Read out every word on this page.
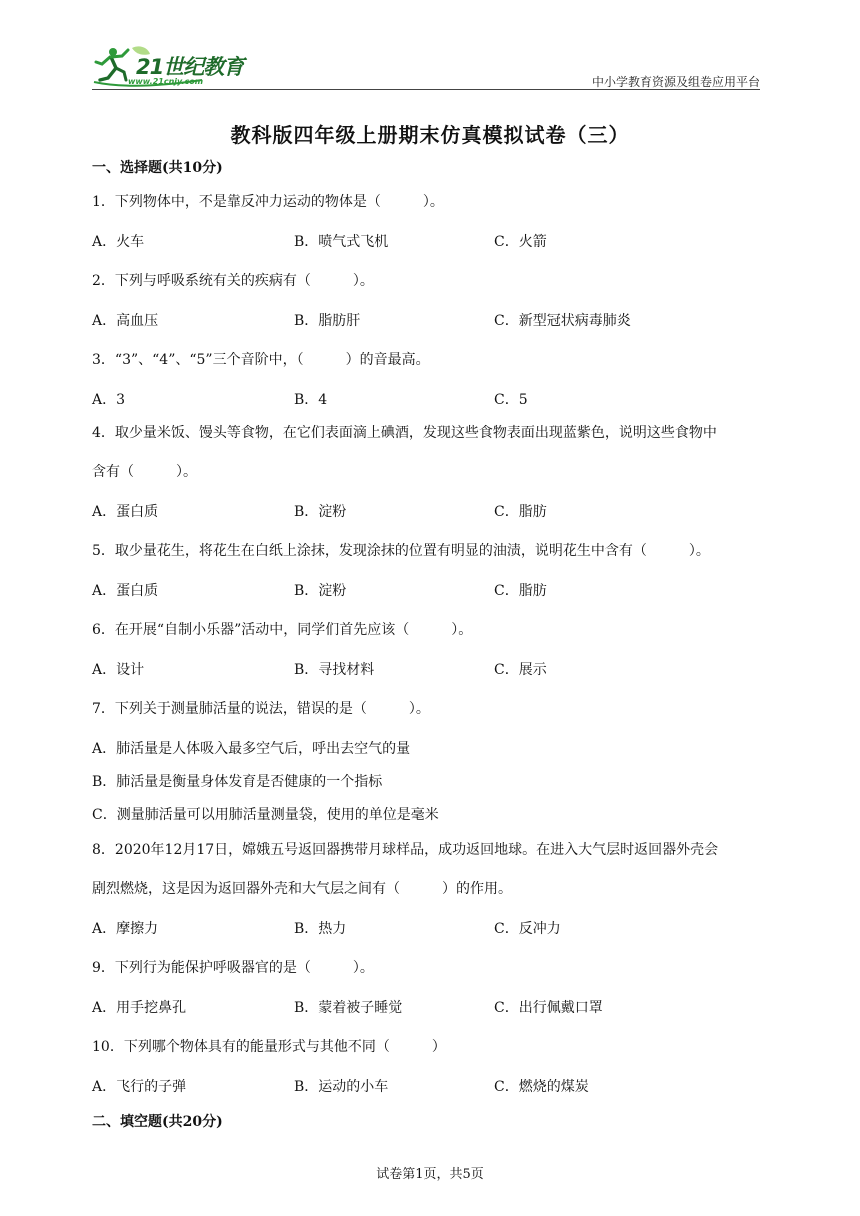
21世纪教育
www.21cnjy.com	中小学教育资源及组卷应用平台
教科版四年级上册期末仿真模拟试卷（三）
一、选择题(共10分)
1．下列物体中，不是靠反冲力运动的物体是（　　　）。
A．火车	B．喷气式飞机	C．火箭
2．下列与呼吸系统有关的疾病有（　　　）。
A．高血压	B．脂肪肝	C．新型冠状病毒肺炎
3．“3”、“4”、“5”三个音阶中，（　　　）的音最高。
A．3	B．4	C．5
4．取少量米饭、馒头等食物，在它们表面滴上碘酒，发现这些食物表面出现蓝紫色，说明这些食物中
含有（　　　）。
A．蛋白质	B．淀粉	C．脂肪
5．取少量花生，将花生在白纸上涂抹，发现涂抹的位置有明显的油渍，说明花生中含有（　　　）。
A．蛋白质	B．淀粉	C．脂肪
6．在开展“自制小乐器”活动中，同学们首先应该（　　　）。
A．设计	B．寻找材料	C．展示
7．下列关于测量肺活量的说法，错误的是（　　　）。
A．肺活量是人体吸入最多空气后，呼出去空气的量
B．肺活量是衡量身体发育是否健康的一个指标
C．测量肺活量可以用肺活量测量袋，使用的单位是毫米
8．2020年12月17日，嫦娥五号返回器携带月球样品，成功返回地球。在进入大气层时返回器外壳会
剧烈燃烧，这是因为返回器外壳和大气层之间有（　　　）的作用。
A．摩擦力	B．热力	C．反冲力
9．下列行为能保护呼吸器官的是（　　　）。
A．用手挖鼻孔	B．蒙着被子睡觉	C．出行佩戴口罩
10．下列哪个物体具有的能量形式与其他不同（　　　）
A．飞行的子弹	B．运动的小车	C．燃烧的煤炭
二、填空题(共20分)
试卷第1页，共5页
